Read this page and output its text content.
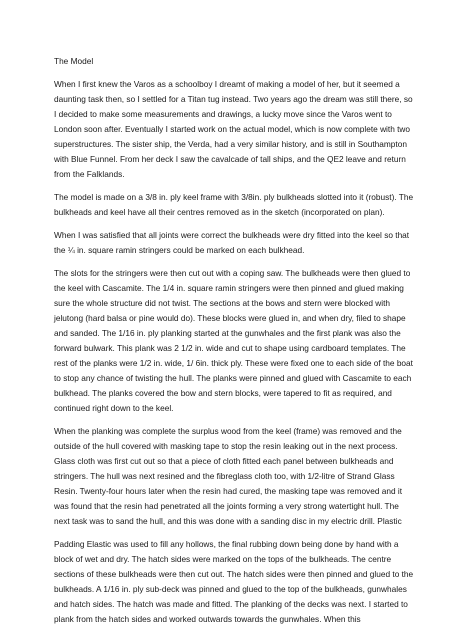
The Model

When I first knew the Varos as a schoolboy I dreamt of making a model of her, but it seemed a daunting task then, so I settled for a Titan tug instead. Two years ago the dream was still there, so I decided to make some measurements and drawings, a lucky move since the Varos went to London soon after. Eventually I started work on the actual model, which is now complete with two superstructures. The sister ship, the Verda, had a very similar history, and is still in Southampton with Blue Funnel. From her deck I saw the cavalcade of tall ships, and the QE2 leave and return from the Falklands.

The model is made on a 3/8 in. ply keel frame with 3/8in. ply bulkheads slotted into it (robust). The bulkheads and keel have all their centres removed as in the sketch (incorporated on plan).

When I was satisfied that all joints were correct the bulkheads were dry fitted into the keel so that the ¼ in. square ramin stringers could be marked on each bulkhead.

The slots for the stringers were then cut out with a coping saw. The bulkheads were then glued to the keel with Cascamite. The 1/4 in. square ramin stringers were then pinned and glued making sure the whole structure did not twist. The sections at the bows and stern were blocked with jelutong (hard balsa or pine would do). These blocks were glued in, and when dry, filed to shape and sanded. The 1/16 in. ply planking started at the gunwhales and the first plank was also the forward bulwark. This plank was 2 1/2 in. wide and cut to shape using cardboard templates. The rest of the planks were 1/2 in. wide, 1/ 6in. thick ply. These were fixed one to each side of the boat to stop any chance of twisting the hull. The planks were pinned and glued with Cascamite to each bulkhead. The planks covered the bow and stern blocks, were tapered to fit as required, and continued right down to the keel.

When the planking was complete the surplus wood from the keel (frame) was removed and the outside of the hull covered with masking tape to stop the resin leaking out in the next process. Glass cloth was first cut out so that a piece of cloth fitted each panel between bulkheads and stringers. The hull was next resined and the fibreglass cloth too, with 1/2-litre of Strand Glass Resin. Twenty-four hours later when the resin had cured, the masking tape was removed and it was found that the resin had penetrated all the joints forming a very strong watertight hull. The next task was to sand the hull, and this was done with a sanding disc in my electric drill. Plastic

Padding Elastic was used to fill any hollows, the final rubbing down being done by hand with a block of wet and dry. The hatch sides were marked on the tops of the bulkheads. The centre sections of these bulkheads were then cut out. The hatch sides were then pinned and glued to the bulkheads. A 1/16 in. ply sub-deck was pinned and glued to the top of the bulkheads, gunwhales and hatch sides. The hatch was made and fitted. The planking of the decks was next. I started to plank from the hatch sides and worked outwards towards the gunwhales. When this
